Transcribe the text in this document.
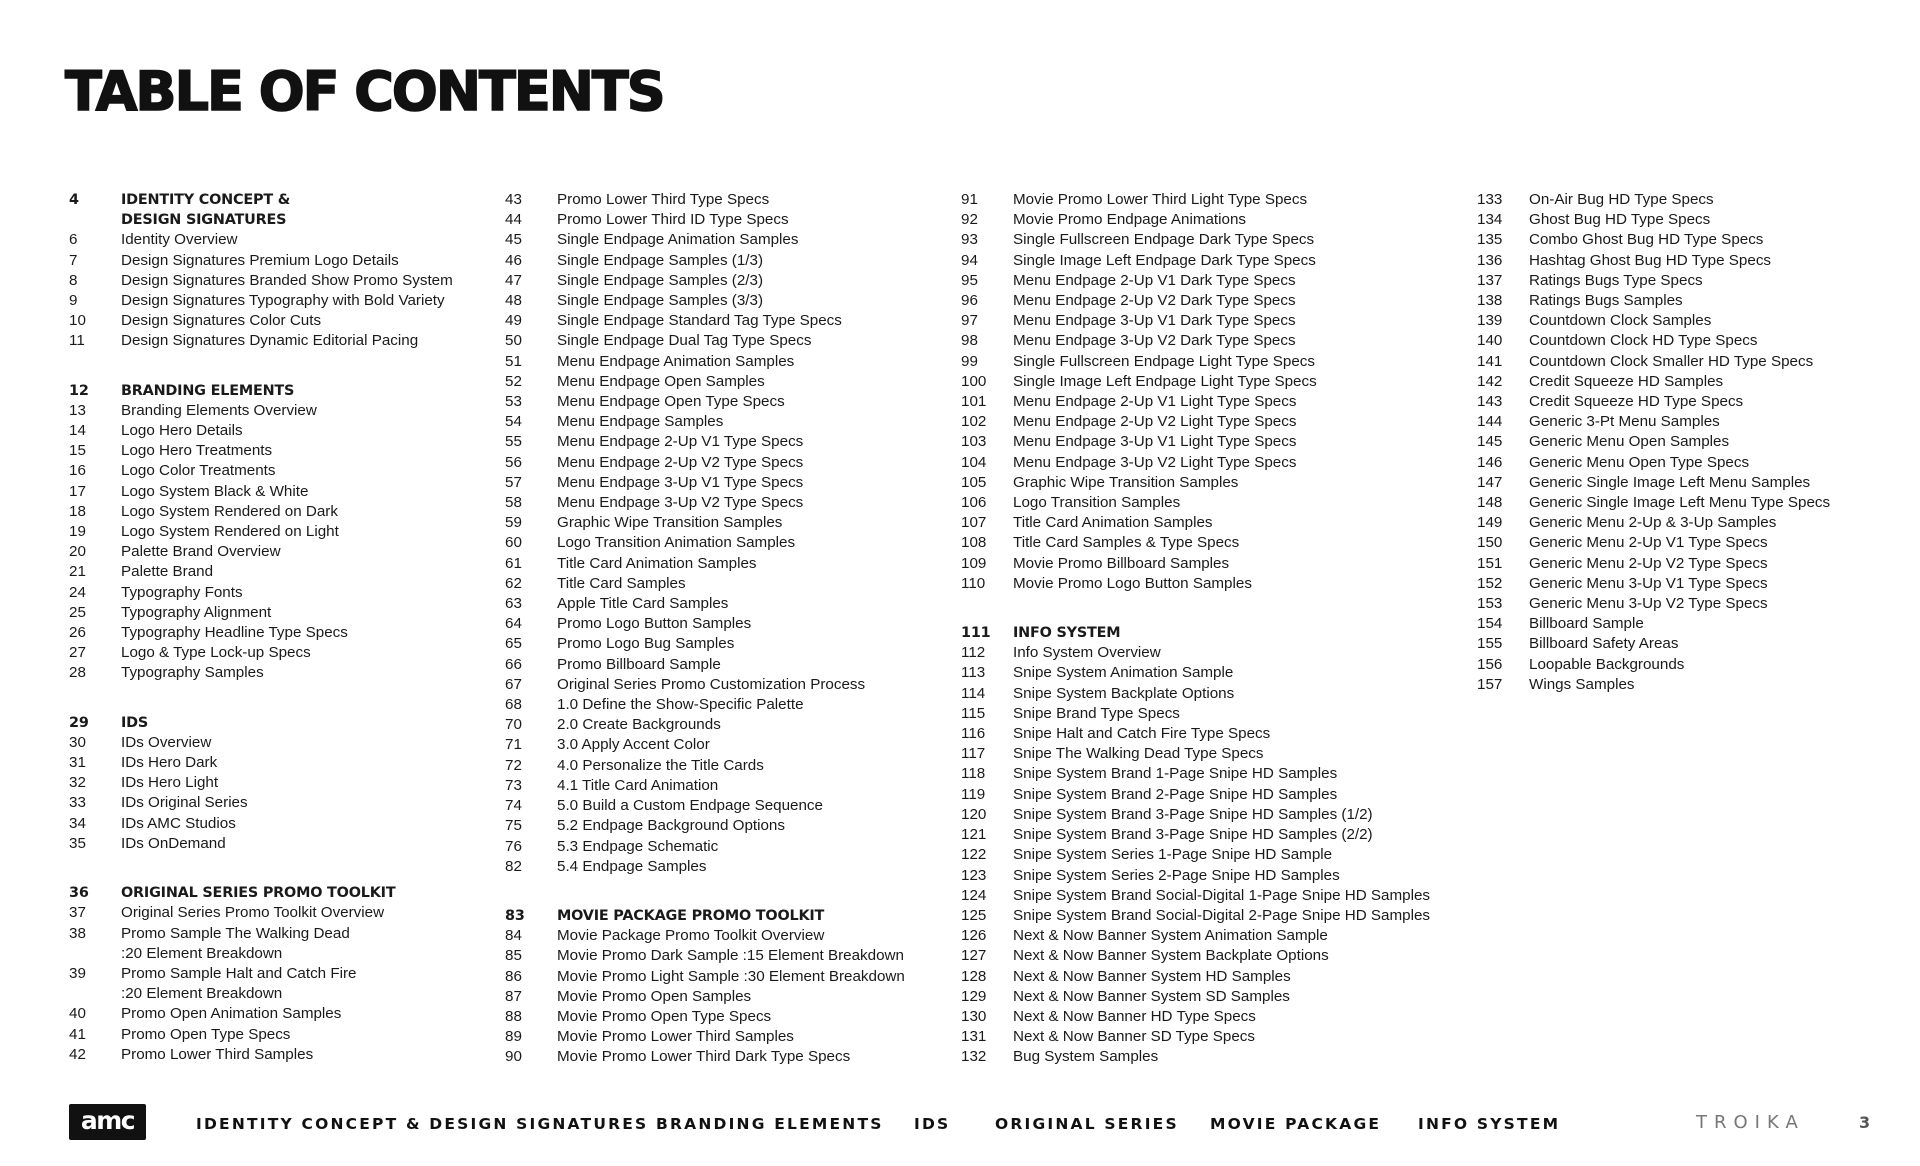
TABLE OF CONTENTS
4	IDENTITY CONCEPT &
DESIGN SIGNATURES
6	Identity Overview
7	Design Signatures Premium Logo Details
8	Design Signatures Branded Show Promo System
9	Design Signatures Typography with Bold Variety
10	Design Signatures Color Cuts
11	Design Signatures Dynamic Editorial Pacing
12	BRANDING ELEMENTS
13	Branding Elements Overview
14	Logo Hero Details
15	Logo Hero Treatments
16	Logo Color Treatments
17	Logo System Black & White
18	Logo System Rendered on Dark
19	Logo System Rendered on Light
20	Palette Brand Overview
21	Palette Brand
24	Typography Fonts
25	Typography Alignment
26	Typography Headline Type Specs
27	Logo & Type Lock-up Specs
28	Typography Samples
29	IDS
30	IDs Overview
31	IDs Hero Dark
32	IDs Hero Light
33	IDs Original Series
34	IDs AMC Studios
35	IDs OnDemand
36	ORIGINAL SERIES PROMO TOOLKIT
37	Original Series Promo Toolkit Overview
38	Promo Sample The Walking Dead
:20 Element Breakdown
39	Promo Sample Halt and Catch Fire
:20 Element Breakdown
40	Promo Open Animation Samples
41	Promo Open Type Specs
42	Promo Lower Third Samples
43	Promo Lower Third Type Specs
44	Promo Lower Third ID Type Specs
45	Single Endpage Animation Samples
46	Single Endpage Samples (1/3)
47	Single Endpage Samples (2/3)
48	Single Endpage Samples (3/3)
49	Single Endpage Standard Tag Type Specs
50	Single Endpage Dual Tag Type Specs
51	Menu Endpage Animation Samples
52	Menu Endpage Open Samples
53	Menu Endpage Open Type Specs
54	Menu Endpage Samples
55	Menu Endpage 2-Up V1 Type Specs
56	Menu Endpage 2-Up V2 Type Specs
57	Menu Endpage 3-Up V1 Type Specs
58	Menu Endpage 3-Up V2 Type Specs
59	Graphic Wipe Transition Samples
60	Logo Transition Animation Samples
61	Title Card Animation Samples
62	Title Card Samples
63	Apple Title Card Samples
64	Promo Logo Button Samples
65	Promo Logo Bug Samples
66	Promo Billboard Sample
67	Original Series Promo Customization Process
68	1.0 Define the Show-Specific Palette
70	2.0 Create Backgrounds
71	3.0 Apply Accent Color
72	4.0 Personalize the Title Cards
73	4.1 Title Card Animation
74	5.0 Build a Custom Endpage Sequence
75	5.2 Endpage Background Options
76	5.3 Endpage Schematic
82	5.4 Endpage Samples
83	MOVIE PACKAGE PROMO TOOLKIT
84	Movie Package Promo Toolkit Overview
85	Movie Promo Dark Sample :15 Element Breakdown
86	Movie Promo Light Sample :30 Element Breakdown
87	Movie Promo Open Samples
88	Movie Promo Open Type Specs
89	Movie Promo Lower Third Samples
90	Movie Promo Lower Third Dark Type Specs
91	Movie Promo Lower Third Light Type Specs
92	Movie Promo Endpage Animations
93	Single Fullscreen Endpage Dark Type Specs
94	Single Image Left Endpage Dark Type Specs
95	Menu Endpage 2-Up V1 Dark Type Specs
96	Menu Endpage 2-Up V2 Dark Type Specs
97	Menu Endpage 3-Up V1 Dark Type Specs
98	Menu Endpage 3-Up V2 Dark Type Specs
99	Single Fullscreen Endpage Light Type Specs
100	Single Image Left Endpage Light Type Specs
101	Menu Endpage 2-Up V1 Light Type Specs
102	Menu Endpage 2-Up V2 Light Type Specs
103	Menu Endpage 3-Up V1 Light Type Specs
104	Menu Endpage 3-Up V2 Light Type Specs
105	Graphic Wipe Transition Samples
106	Logo Transition Samples
107	Title Card Animation Samples
108	Title Card Samples & Type Specs
109	Movie Promo Billboard Samples
110	Movie Promo Logo Button Samples
111	INFO SYSTEM
112	Info System Overview
113	Snipe System Animation Sample
114	Snipe System Backplate Options
115	Snipe Brand Type Specs
116	Snipe Halt and Catch Fire Type Specs
117	Snipe The Walking Dead Type Specs
118	Snipe System Brand 1-Page Snipe HD Samples
119	Snipe System Brand 2-Page Snipe HD Samples
120	Snipe System Brand 3-Page Snipe HD Samples (1/2)
121	Snipe System Brand 3-Page Snipe HD Samples (2/2)
122	Snipe System Series 1-Page Snipe HD Sample
123	Snipe System Series 2-Page Snipe HD Samples
124	Snipe System Brand Social-Digital 1-Page Snipe HD Samples
125	Snipe System Brand Social-Digital 2-Page Snipe HD Samples
126	Next & Now Banner System Animation Sample
127	Next & Now Banner System Backplate Options
128	Next & Now Banner System HD Samples
129	Next & Now Banner System SD Samples
130	Next & Now Banner HD Type Specs
131	Next & Now Banner SD Type Specs
132	Bug System Samples
133	On-Air Bug HD Type Specs
134	Ghost Bug HD Type Specs
135	Combo Ghost Bug HD Type Specs
136	Hashtag Ghost Bug HD Type Specs
137	Ratings Bugs Type Specs
138	Ratings Bugs Samples
139	Countdown Clock Samples
140	Countdown Clock HD Type Specs
141	Countdown Clock Smaller HD Type Specs
142	Credit Squeeze HD Samples
143	Credit Squeeze HD Type Specs
144	Generic 3-Pt Menu Samples
145	Generic Menu Open Samples
146	Generic Menu Open Type Specs
147	Generic Single Image Left Menu Samples
148	Generic Single Image Left Menu Type Specs
149	Generic Menu 2-Up & 3-Up Samples
150	Generic Menu 2-Up V1 Type Specs
151	Generic Menu 2-Up V2 Type Specs
152	Generic Menu 3-Up V1 Type Specs
153	Generic Menu 3-Up V2 Type Specs
154	Billboard Sample
155	Billboard Safety Areas
156	Loopable Backgrounds
157	Wings Samples
amc	IDENTITY CONCEPT & DESIGN SIGNATURES BRANDING ELEMENTS IDS	ORIGINAL SERIES MOVIE PACKAGE INFO SYSTEM	TROIKA	3
